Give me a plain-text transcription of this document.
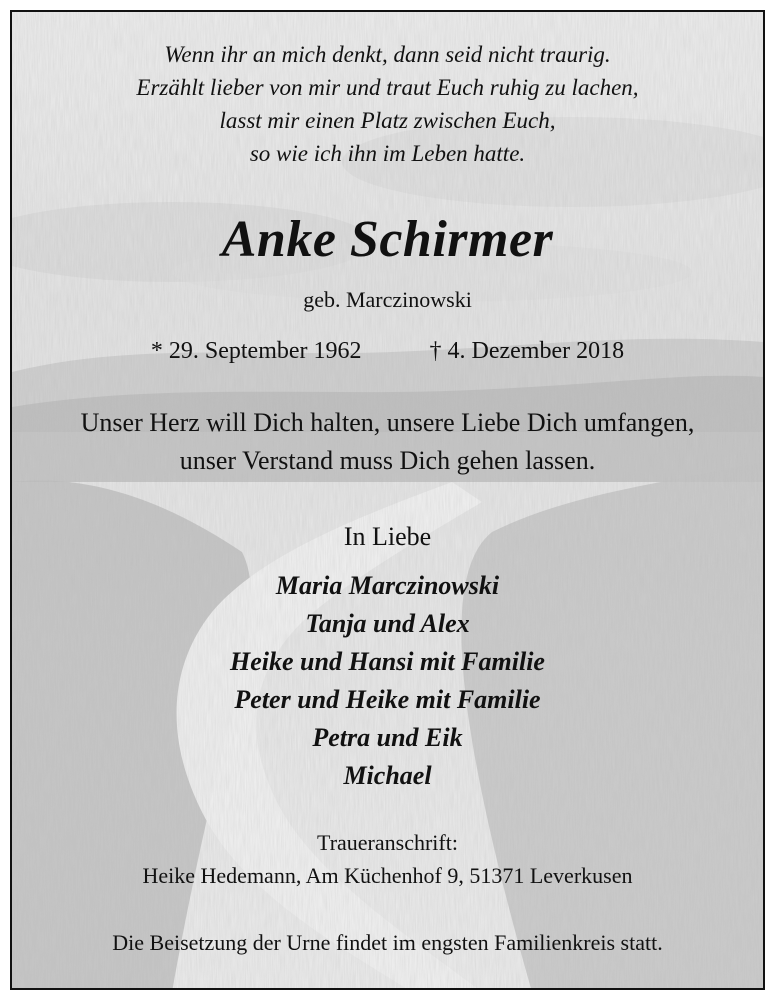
Wenn ihr an mich denkt, dann seid nicht traurig.
Erzählt lieber von mir und traut Euch ruhig zu lachen,
lasst mir einen Platz zwischen Euch,
so wie ich ihn im Leben hatte.
Anke Schirmer
geb. Marczinowski
* 29. September 1962	† 4. Dezember 2018
Unser Herz will Dich halten, unsere Liebe Dich umfangen,
unser Verstand muss Dich gehen lassen.
In Liebe
Maria Marczinowski
Tanja und Alex
Heike und Hansi mit Familie
Peter und Heike mit Familie
Petra und Eik
Michael
Traueranschrift:
Heike Hedemann, Am Küchenhof 9, 51371 Leverkusen
Die Beisetzung der Urne findet im engsten Familienkreis statt.
